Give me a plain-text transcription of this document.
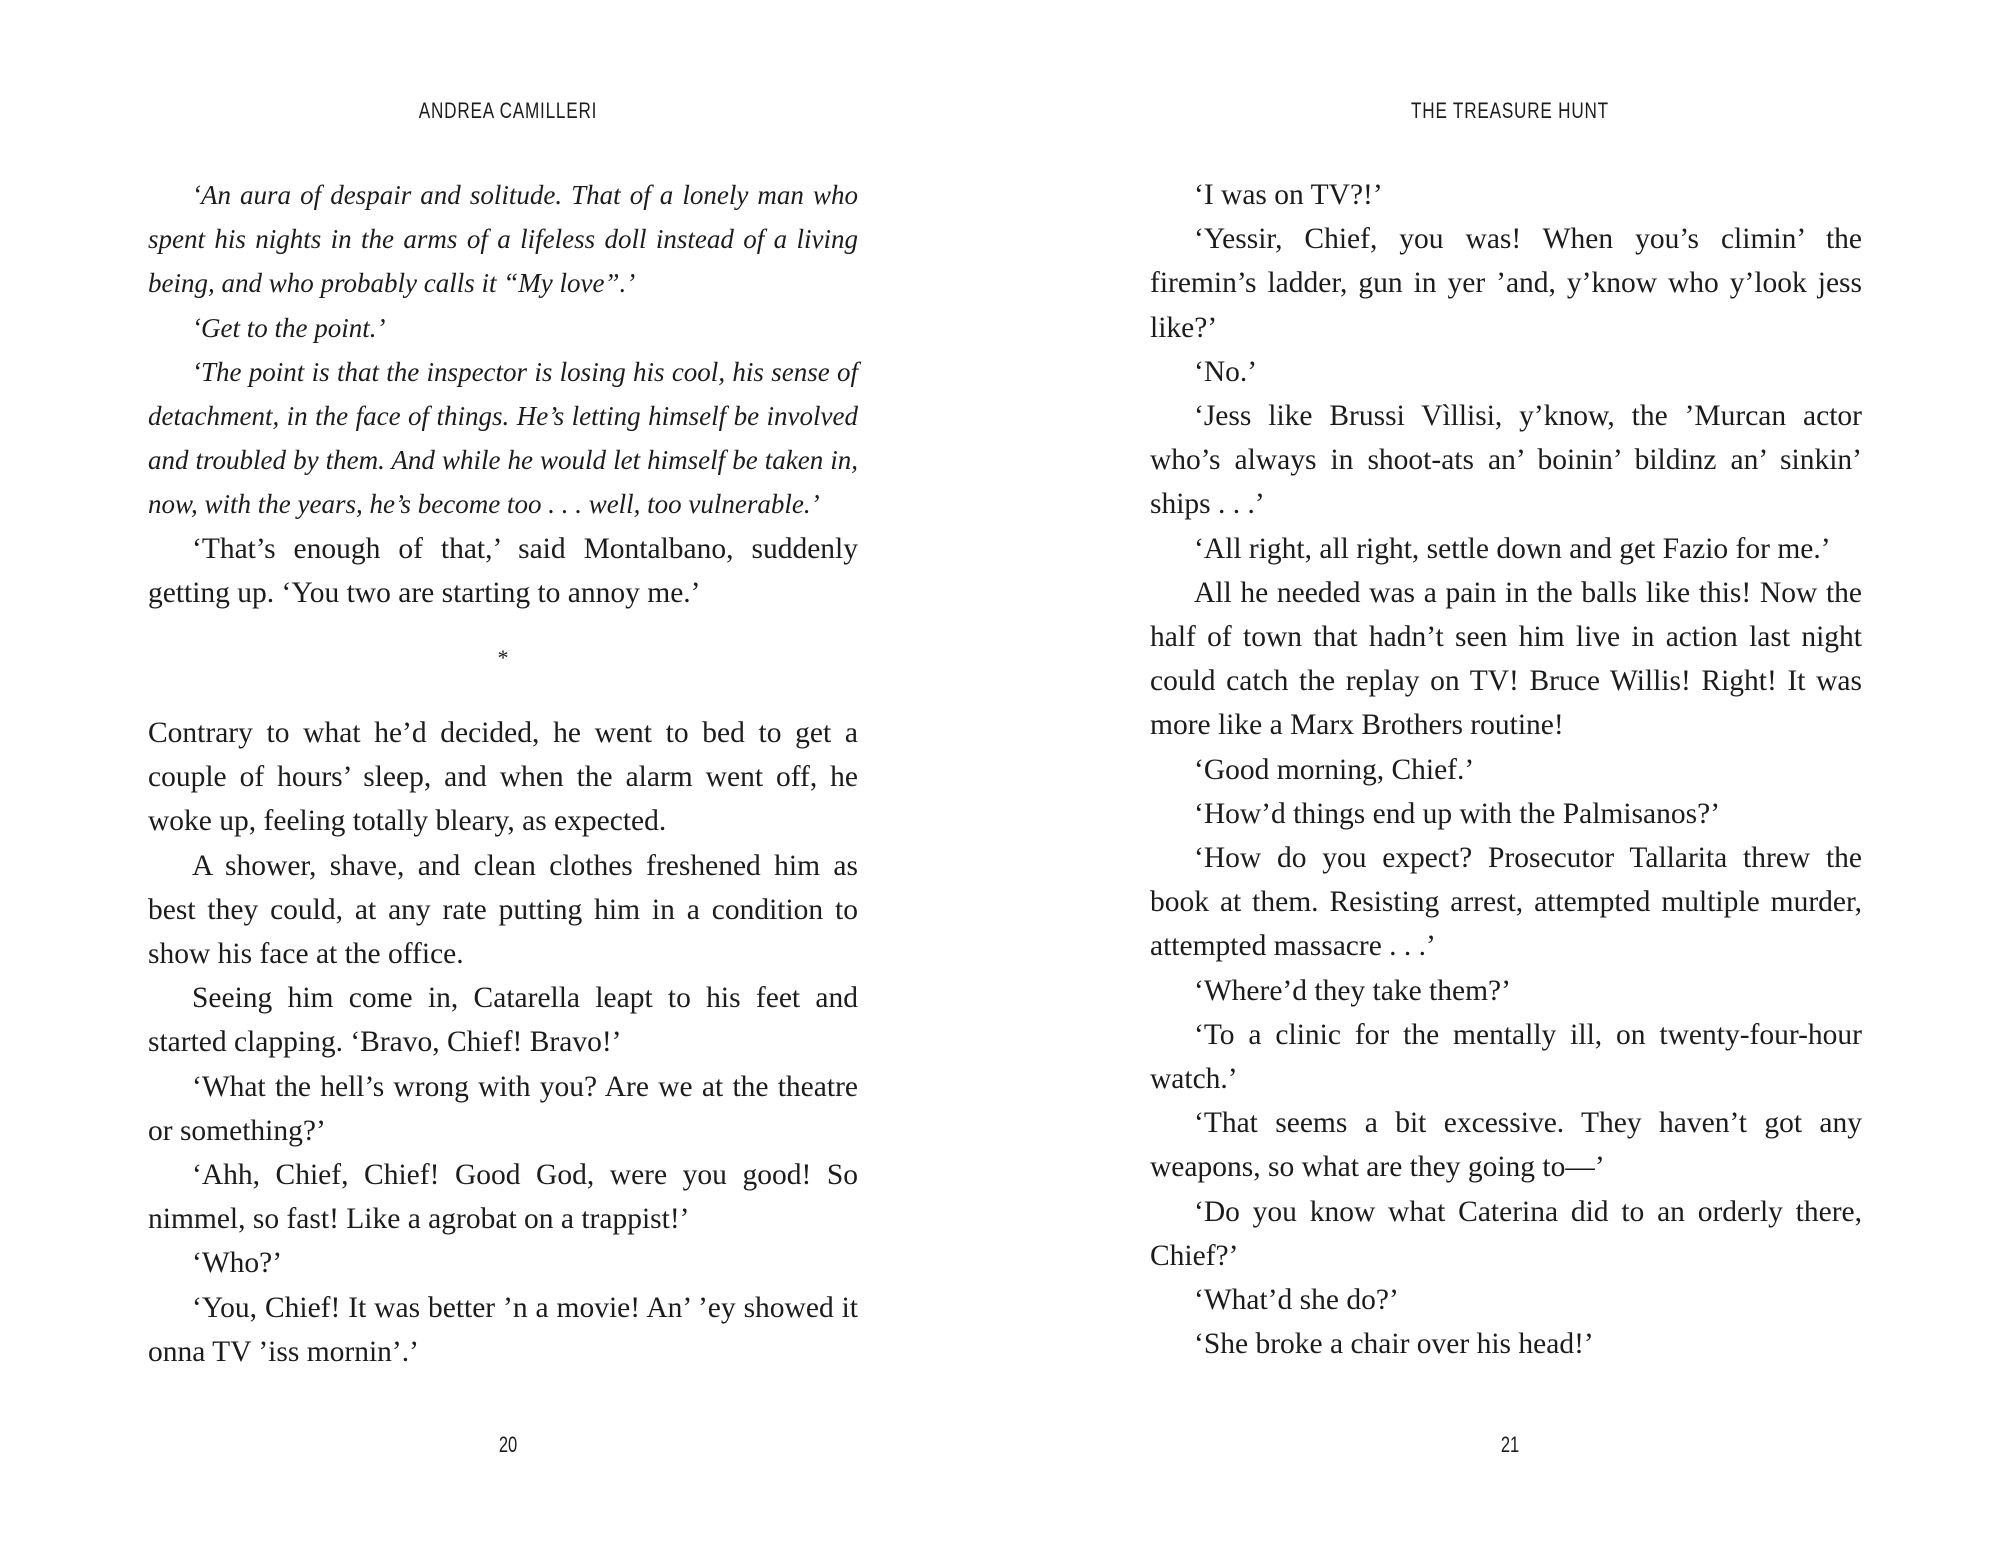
ANDREA CAMILLERI

‘An aura of despair and solitude. That of a lonely man who spent his nights in the arms of a lifeless doll instead of a living being, and who probably calls it “My love”.’

‘Get to the point.’

‘The point is that the inspector is losing his cool, his sense of detachment, in the face of things. He’s letting himself be involved and troubled by them. And while he would let himself be taken in, now, with the years, he’s become too . . . well, too vulnerable.’

‘That’s enough of that,’ said Montalbano, suddenly getting up. ‘You two are starting to annoy me.’

*

Contrary to what he’d decided, he went to bed to get a couple of hours’ sleep, and when the alarm went off, he woke up, feeling totally bleary, as expected.

A shower, shave, and clean clothes freshened him as best they could, at any rate putting him in a condition to show his face at the office.

Seeing him come in, Catarella leapt to his feet and started clapping. ‘Bravo, Chief! Bravo!’

‘What the hell’s wrong with you? Are we at the theatre or something?’

‘Ahh, Chief, Chief! Good God, were you good! So nimmel, so fast! Like a agrobat on a trappist!’

‘Who?’

‘You, Chief! It was better ’n a movie! An’ ’ey showed it onna TV ’iss mornin’.’

20
THE TREASURE HUNT

‘I was on TV?!’

‘Yessir, Chief, you was! When you’s climin’ the firemin’s ladder, gun in yer ’and, y’know who y’look jess like?’

‘No.’

‘Jess like Brussi Vìllisi, y’know, the ’Murcan actor who’s always in shoot-ats an’ boinin’ bildinz an’ sinkin’ ships . . .’

‘All right, all right, settle down and get Fazio for me.’

All he needed was a pain in the balls like this! Now the half of town that hadn’t seen him live in action last night could catch the replay on TV! Bruce Willis! Right! It was more like a Marx Brothers routine!

‘Good morning, Chief.’

‘How’d things end up with the Palmisanos?’

‘How do you expect? Prosecutor Tallarita threw the book at them. Resisting arrest, attempted multiple murder, attempted massacre . . .’

‘Where’d they take them?’

‘To a clinic for the mentally ill, on twenty-four-hour watch.’

‘That seems a bit excessive. They haven’t got any weapons, so what are they going to—’

‘Do you know what Caterina did to an orderly there, Chief?’

‘What’d she do?’

‘She broke a chair over his head!’

21
